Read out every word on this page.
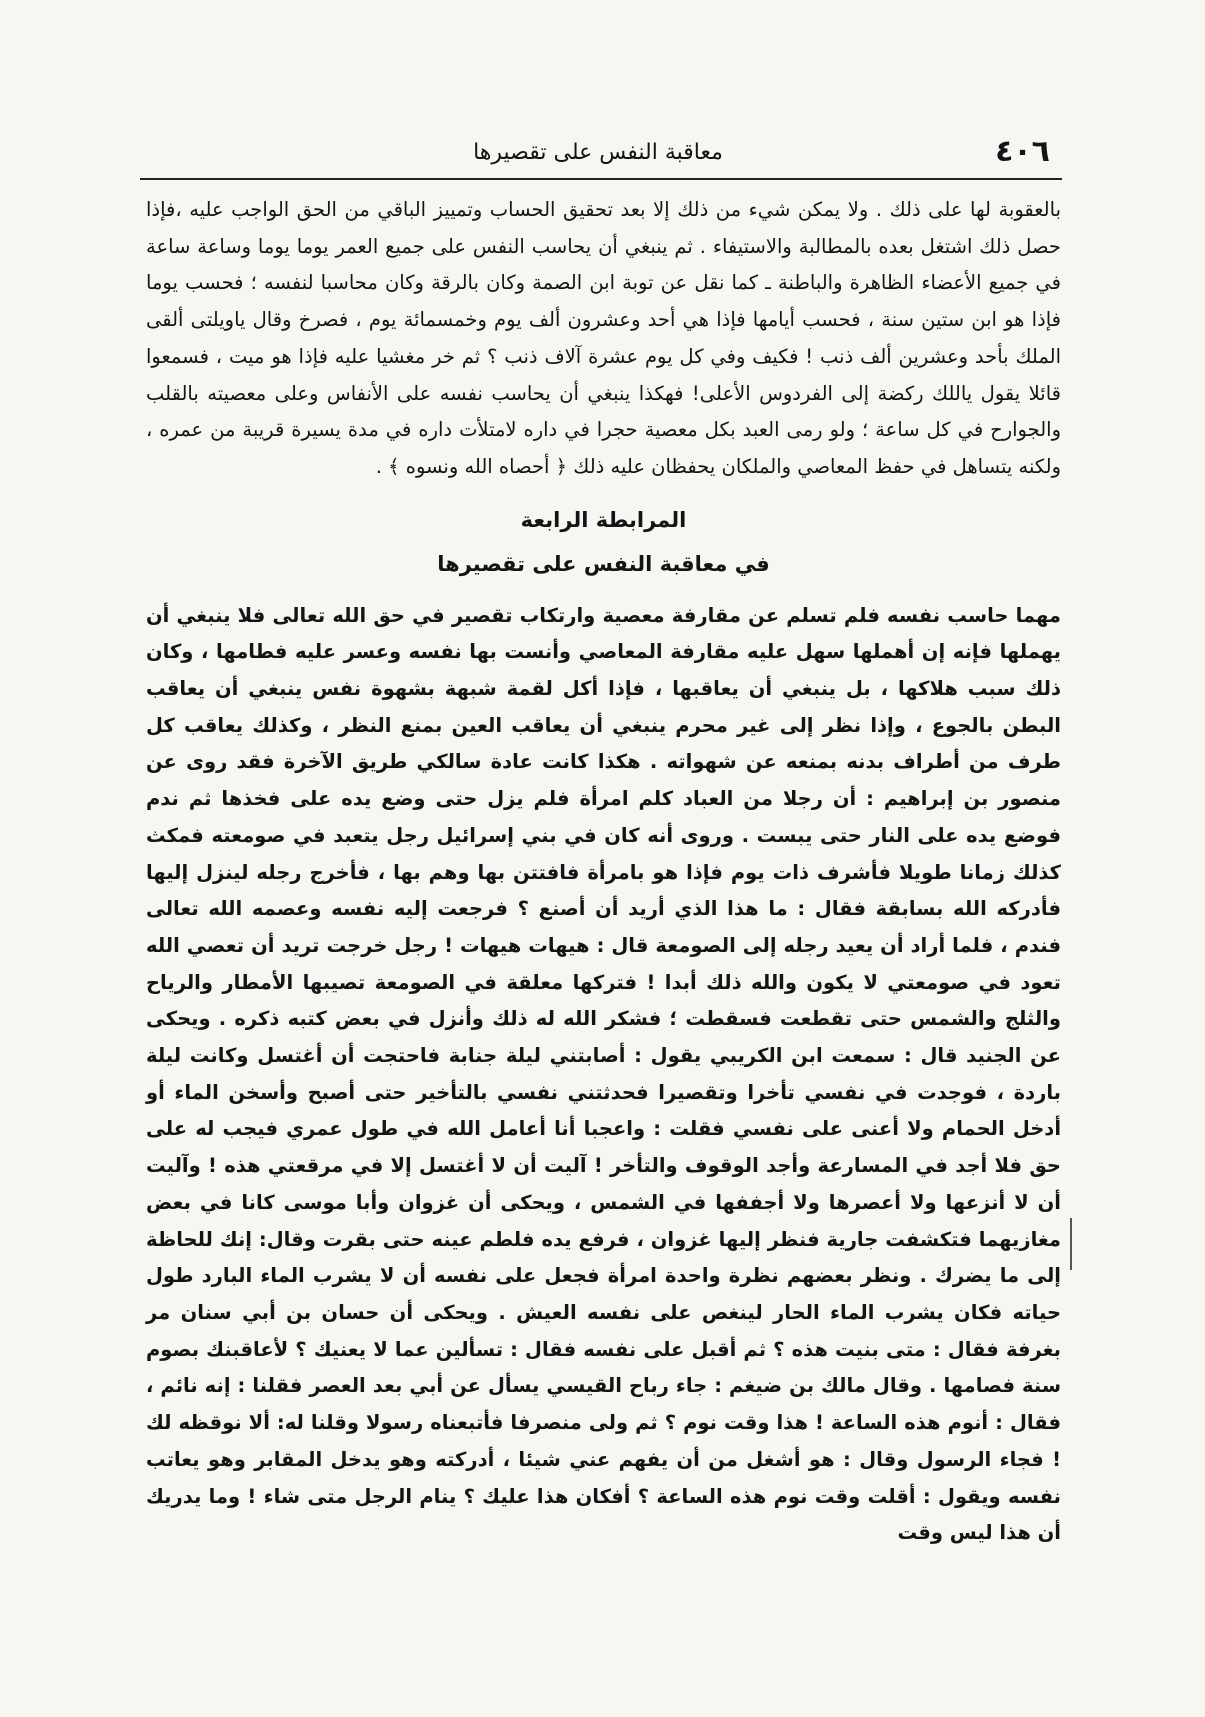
٤٠٦
معاقبة النفس على تقصيرها

بالعقوبة لها على ذلك . ولا يمكن شيء من ذلك إلا بعد تحقيق الحساب وتمييز الباقي من الحق الواجب عليه ،فإذا حصل ذلك اشتغل بعده بالمطالبة والاستيفاء . ثم ينبغي أن يحاسب النفس على جميع العمر يوما يوما وساعة ساعة في جميع الأعضاء الظاهرة والباطنة ـ كما نقل عن توبة ابن الصمة وكان بالرقة وكان محاسبا لنفسه ؛ فحسب يوما فإذا هو ابن ستين سنة ، فحسب أيامها فإذا هي أحد وعشرون ألف يوم وخمسمائة يوم ، فصرخ وقال ياويلتى ألقى الملك بأحد وعشرين ألف ذنب ! فكيف وفي كل يوم عشرة آلاف ذنب ؟ ثم خر مغشيا عليه فإذا هو ميت ، فسمعوا قائلا يقول ياللك ركضة إلى الفردوس الأعلى! فهكذا ينبغي أن يحاسب نفسه على الأنفاس وعلى معصيته بالقلب والجوارح في كل ساعة ؛ ولو رمى العبد بكل معصية حجرا في داره لامتلأت داره في مدة يسيرة قريبة من عمره ، ولكنه يتساهل في حفظ المعاصي والملكان يحفظان عليه ذلك ﴿ أحصاه الله ونسوه ﴾ .

المرابطة الرابعة
في معاقبة النفس على تقصيرها

مهما حاسب نفسه فلم تسلم عن مقارفة معصية وارتكاب تقصير في حق الله تعالى فلا ينبغي أن يهملها فإنه إن أهملها سهل عليه مقارفة المعاصي وأنست بها نفسه وعسر عليه فطامها ، وكان ذلك سبب هلاكها ، بل ينبغي أن يعاقبها ، فإذا أكل لقمة شبهة بشهوة نفس ينبغي أن يعاقب البطن بالجوع ، وإذا نظر إلى غير محرم ينبغي أن يعاقب العين بمنع النظر ، وكذلك يعاقب كل طرف من أطراف بدنه بمنعه عن شهواته . هكذا كانت عادة سالكي طريق الآخرة فقد روى عن منصور بن إبراهيم : أن رجلا من العباد كلم امرأة فلم يزل حتى وضع يده على فخذها ثم ندم فوضع يده على النار حتى يبست . وروى أنه كان في بني إسرائيل رجل يتعبد في صومعته فمكث كذلك زمانا طويلا فأشرف ذات يوم فإذا هو بامرأة فافتتن بها وهم بها ، فأخرج رجله لينزل إليها فأدركه الله بسابقة فقال : ما هذا الذي أريد أن أصنع ؟ فرجعت إليه نفسه وعصمه الله تعالى فندم ، فلما أراد أن يعيد رجله إلى الصومعة قال : هيهات هيهات ! رجل خرجت تريد أن تعصي الله تعود في صومعتي لا يكون والله ذلك أبدا ! فتركها معلقة في الصومعة تصيبها الأمطار والرياح والثلج والشمس حتى تقطعت فسقطت ؛ فشكر الله له ذلك وأنزل في بعض كتبه ذكره . ويحكى عن الجنيد قال : سمعت ابن الكريبي يقول : أصابتني ليلة جنابة فاحتجت أن أغتسل وكانت ليلة باردة ، فوجدت في نفسي تأخرا وتقصيرا فحدثتني نفسي بالتأخير حتى أصبح وأسخن الماء أو أدخل الحمام ولا أعنى على نفسي فقلت : واعجبا أنا أعامل الله في طول عمري فيجب له على حق فلا أجد في المسارعة وأجد الوقوف والتأخر ! آليت أن لا أغتسل إلا في مرقعتي هذه ! وآليت أن لا أنزعها ولا أعصرها ولا أجففها في الشمس ، ويحكى أن غزوان وأبا موسى كانا في بعض مغازيهما فتكشفت جارية فنظر إليها غزوان ، فرفع يده فلطم عينه حتى بقرت وقال: إنك للحاظة إلى ما يضرك . ونظر بعضهم نظرة واحدة امرأة فجعل على نفسه أن لا يشرب الماء البارد طول حياته فكان يشرب الماء الحار لينغص على نفسه العيش . ويحكى أن حسان بن أبي سنان مر بغرفة فقال : متى بنيت هذه ؟ ثم أقبل على نفسه فقال : تسألين عما لا يعنيك ؟ لأعاقبنك بصوم سنة فصامها . وقال مالك بن ضيغم : جاء رباح القيسي يسأل عن أبي بعد العصر فقلنا : إنه نائم ، فقال : أنوم هذه الساعة ! هذا وقت نوم ؟ ثم ولى منصرفا فأتبعناه رسولا وقلنا له: ألا نوقظه لك ! فجاء الرسول وقال : هو أشغل من أن يفهم عني شيئا ، أدركته وهو يدخل المقابر وهو يعاتب نفسه ويقول : أقلت وقت نوم هذه الساعة ؟ أفكان هذا عليك ؟ ينام الرجل متى شاء ! وما يدريك أن هذا ليس وقت
